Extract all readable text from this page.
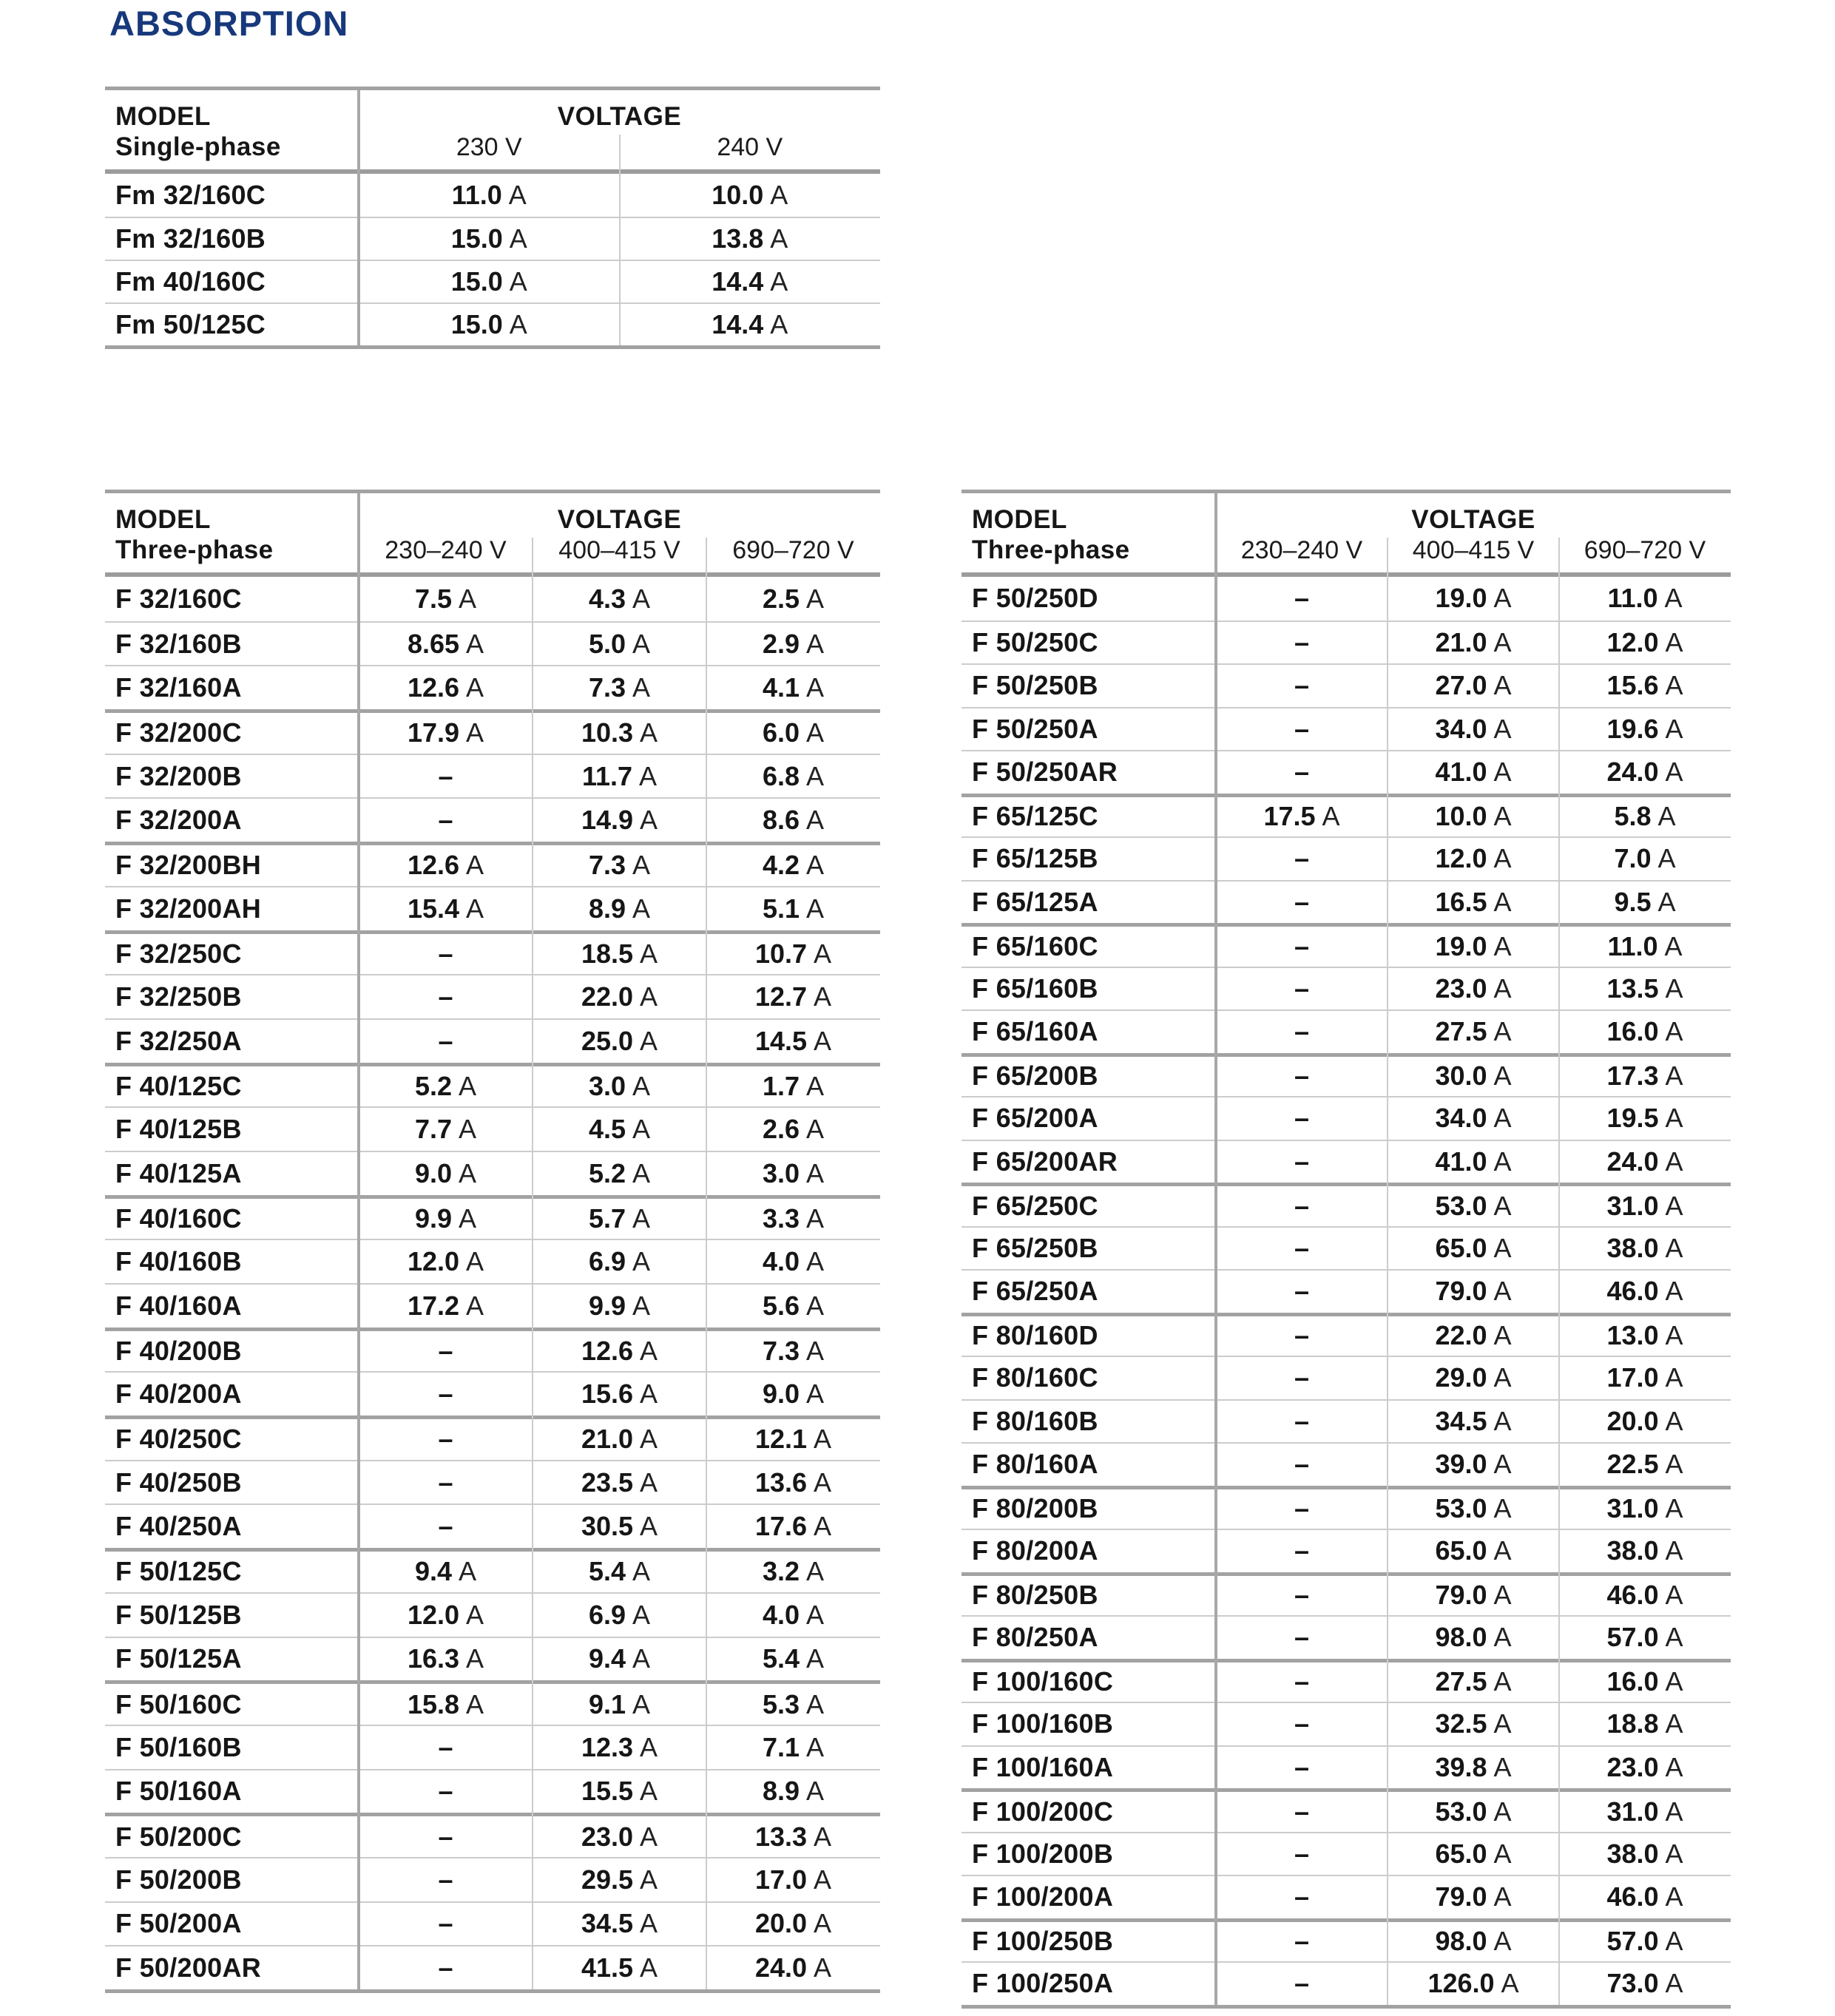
ABSORPTION
MODEL
Single-phase
VOLTAGE
230 V	240 V
Fm 32/160C	11.0 A	10.0 A
Fm 32/160B	15.0 A	13.8 A
Fm 40/160C	15.0 A	14.4 A
Fm 50/125C	15.0 A	14.4 A
MODEL
Three-phase
VOLTAGE
230–240 V	400–415 V	690–720 V
F 32/160C	7.5 A	4.3 A	2.5 A
F 32/160B	8.65 A	5.0 A	2.9 A
F 32/160A	12.6 A	7.3 A	4.1 A
F 32/200C	17.9 A	10.3 A	6.0 A
F 32/200B	–	11.7 A	6.8 A
F 32/200A	–	14.9 A	8.6 A
F 32/200BH	12.6 A	7.3 A	4.2 A
F 32/200AH	15.4 A	8.9 A	5.1 A
F 32/250C	–	18.5 A	10.7 A
F 32/250B	–	22.0 A	12.7 A
F 32/250A	–	25.0 A	14.5 A
F 40/125C	5.2 A	3.0 A	1.7 A
F 40/125B	7.7 A	4.5 A	2.6 A
F 40/125A	9.0 A	5.2 A	3.0 A
F 40/160C	9.9 A	5.7 A	3.3 A
F 40/160B	12.0 A	6.9 A	4.0 A
F 40/160A	17.2 A	9.9 A	5.6 A
F 40/200B	–	12.6 A	7.3 A
F 40/200A	–	15.6 A	9.0 A
F 40/250C	–	21.0 A	12.1 A
F 40/250B	–	23.5 A	13.6 A
F 40/250A	–	30.5 A	17.6 A
F 50/125C	9.4 A	5.4 A	3.2 A
F 50/125B	12.0 A	6.9 A	4.0 A
F 50/125A	16.3 A	9.4 A	5.4 A
F 50/160C	15.8 A	9.1 A	5.3 A
F 50/160B	–	12.3 A	7.1 A
F 50/160A	–	15.5 A	8.9 A
F 50/200C	–	23.0 A	13.3 A
F 50/200B	–	29.5 A	17.0 A
F 50/200A	–	34.5 A	20.0 A
F 50/200AR	–	41.5 A	24.0 A
MODEL
Three-phase
VOLTAGE
230–240 V	400–415 V	690–720 V
F 50/250D	–	19.0 A	11.0 A
F 50/250C	–	21.0 A	12.0 A
F 50/250B	–	27.0 A	15.6 A
F 50/250A	–	34.0 A	19.6 A
F 50/250AR	–	41.0 A	24.0 A
F 65/125C	17.5 A	10.0 A	5.8 A
F 65/125B	–	12.0 A	7.0 A
F 65/125A	–	16.5 A	9.5 A
F 65/160C	–	19.0 A	11.0 A
F 65/160B	–	23.0 A	13.5 A
F 65/160A	–	27.5 A	16.0 A
F 65/200B	–	30.0 A	17.3 A
F 65/200A	–	34.0 A	19.5 A
F 65/200AR	–	41.0 A	24.0 A
F 65/250C	–	53.0 A	31.0 A
F 65/250B	–	65.0 A	38.0 A
F 65/250A	–	79.0 A	46.0 A
F 80/160D	–	22.0 A	13.0 A
F 80/160C	–	29.0 A	17.0 A
F 80/160B	–	34.5 A	20.0 A
F 80/160A	–	39.0 A	22.5 A
F 80/200B	–	53.0 A	31.0 A
F 80/200A	–	65.0 A	38.0 A
F 80/250B	–	79.0 A	46.0 A
F 80/250A	–	98.0 A	57.0 A
F 100/160C	–	27.5 A	16.0 A
F 100/160B	–	32.5 A	18.8 A
F 100/160A	–	39.8 A	23.0 A
F 100/200C	–	53.0 A	31.0 A
F 100/200B	–	65.0 A	38.0 A
F 100/200A	–	79.0 A	46.0 A
F 100/250B	–	98.0 A	57.0 A
F 100/250A	–	126.0 A	73.0 A
